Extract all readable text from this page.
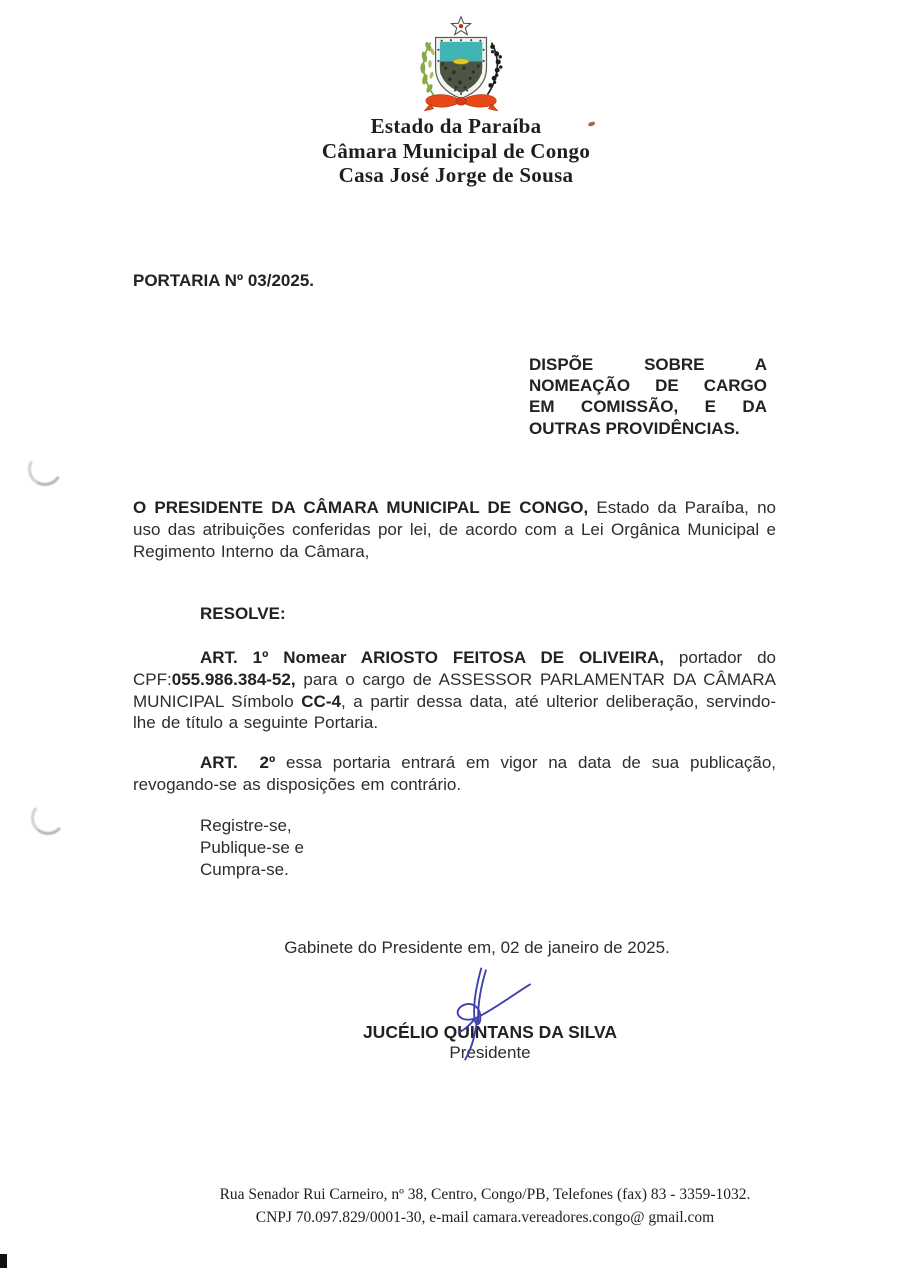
Estado da Paraíba
Câmara Municipal de Congo
Casa José Jorge de Sousa
PORTARIA Nº 03/2025.
DISPÕE SOBRE A
NOMEAÇÃO DE CARGO
EM COMISSÃO, E DA
OUTRAS PROVIDÊNCIAS.
O PRESIDENTE DA CÂMARA MUNICIPAL DE CONGO, Estado da Paraíba, no uso das atribuições conferidas por lei, de acordo com a Lei Orgânica Municipal e Regimento Interno da Câmara,
RESOLVE:
ART. 1º Nomear ARIOSTO FEITOSA DE OLIVEIRA, portador do CPF:055.986.384-52, para o cargo de ASSESSOR PARLAMENTAR DA CÂMARA MUNICIPAL Símbolo CC-4, a partir dessa data, até ulterior deliberação, servindo-lhe de título a seguinte Portaria.
ART.  2º essa portaria entrará em vigor na data de sua publicação, revogando-se as disposições em contrário.
Registre-se,
Publique-se e
Cumpra-se.
Gabinete do Presidente em, 02 de janeiro de 2025.
JUCÉLIO QUINTANS DA SILVA
Presidente
Rua Senador Rui Carneiro, nº 38, Centro, Congo/PB, Telefones (fax) 83 - 3359-1032.
CNPJ 70.097.829/0001-30, e-mail camara.vereadores.congo@ gmail.com
